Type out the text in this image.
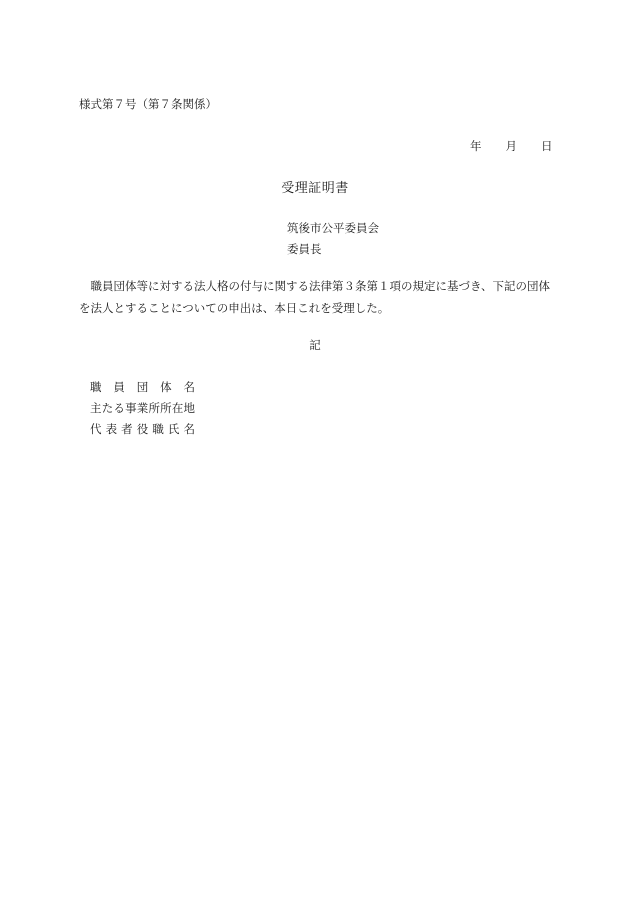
様式第７号（第７条関係）
年 月 日
受理証明書
筑後市公平委員会
委員長
職員団体等に対する法人格の付与に関する法律第３条第１項の規定に基づき、下記の団体を法人とすることについての申出は、本日これを受理した。
記
職 員 団 体 名
主 た る 事 業 所 所 在 地
代 表 者 役 職 氏 名
